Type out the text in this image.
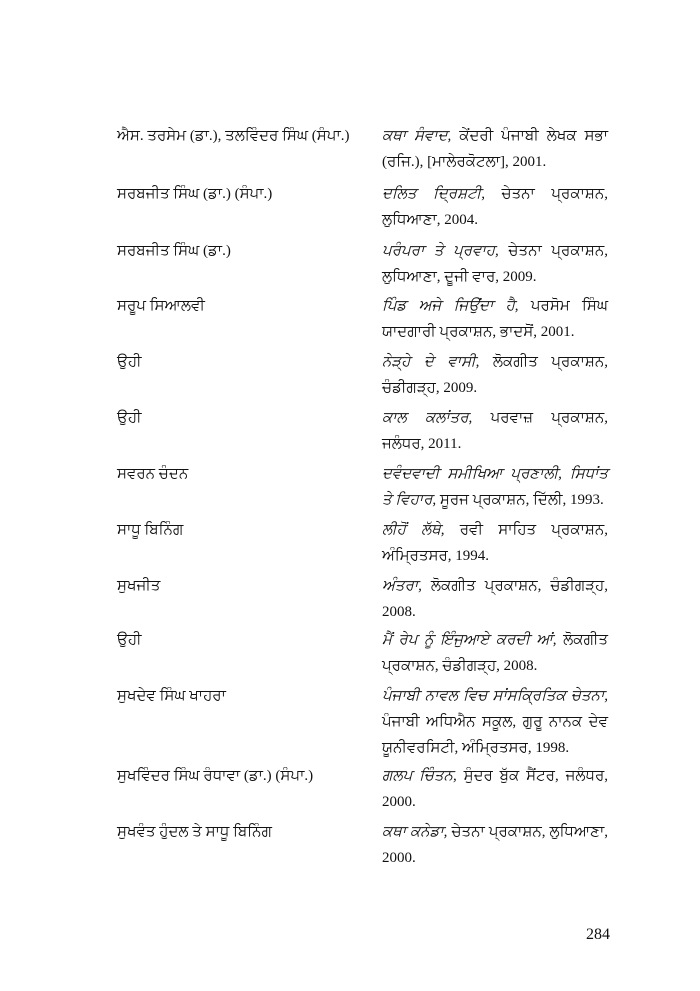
ਐਸ. ਤਰਸੇਮ (ਡਾ.), ਤਲਵਿੰਦਰ ਸਿੰਘ (ਸੰਪਾ.)	ਕਥਾ ਸੰਵਾਦ, ਕੇਂਦਰੀ ਪੰਜਾਬੀ ਲੇਖਕ ਸਭਾ (ਰਜਿ.), [ਮਾਲੇਰਕੋਟਲਾ], 2001.
ਸਰਬਜੀਤ ਸਿੰਘ (ਡਾ.) (ਸੰਪਾ.)	ਦਲਿਤ ਦ੍ਰਿਸ਼ਟੀ, ਚੇਤਨਾ ਪ੍ਰਕਾਸ਼ਨ, ਲੁਧਿਆਣਾ, 2004.
ਸਰਬਜੀਤ ਸਿੰਘ (ਡਾ.)	ਪਰੰਪਰਾ ਤੇ ਪ੍ਰਵਾਹ, ਚੇਤਨਾ ਪ੍ਰਕਾਸ਼ਨ, ਲੁਧਿਆਣਾ, ਦੂਜੀ ਵਾਰ, 2009.
ਸਰੂਪ ਸਿਆਲਵੀ	ਪਿੰਡ ਅਜੇ ਜਿਉਂਦਾ ਹੈ, ਪਰਸੋਮ ਸਿੰਘ ਯਾਦਗਾਰੀ ਪ੍ਰਕਾਸ਼ਨ, ਭਾਦਸੋਂ, 2001.
ਉਹੀ	ਨੇੜ੍ਹੇ ਦੇ ਵਾਸੀ, ਲੋਕਗੀਤ ਪ੍ਰਕਾਸ਼ਨ, ਚੰਡੀਗੜ੍ਹ, 2009.
ਉਹੀ	ਕਾਲ ਕਲਾਂਤਰ, ਪਰਵਾਜ਼ ਪ੍ਰਕਾਸ਼ਨ, ਜਲੰਧਰ, 2011.
ਸਵਰਨ ਚੰਦਨ	ਦਵੰਦਵਾਦੀ ਸਮੀਖਿਆ ਪ੍ਰਣਾਲੀ, ਸਿਧਾਂਤ ਤੇ ਵਿਹਾਰ, ਸੂਰਜ ਪ੍ਰਕਾਸ਼ਨ, ਦਿੱਲੀ, 1993.
ਸਾਧੂ ਬਿਨਿੰਗ	ਲੀਹੋਂ ਲੱਥੇ, ਰਵੀ ਸਾਹਿਤ ਪ੍ਰਕਾਸ਼ਨ, ਅੰਮ੍ਰਿਤਸਰ, 1994.
ਸੁਖਜੀਤ	ਅੰਤਰਾ, ਲੋਕਗੀਤ ਪ੍ਰਕਾਸ਼ਨ, ਚੰਡੀਗੜ੍ਹ, 2008.
ਉਹੀ	ਮੈਂ ਰੇਪ ਨੂੰ ਇੰਜੁਆਏ ਕਰਦੀ ਆਂ, ਲੋਕਗੀਤ ਪ੍ਰਕਾਸ਼ਨ, ਚੰਡੀਗੜ੍ਹ, 2008.
ਸੁਖਦੇਵ ਸਿੰਘ ਖਾਹਰਾ	ਪੰਜਾਬੀ ਨਾਵਲ ਵਿਚ ਸਾਂਸਕ੍ਰਿਤਿਕ ਚੇਤਨਾ, ਪੰਜਾਬੀ ਅਧਿਐਨ ਸਕੂਲ, ਗੁਰੂ ਨਾਨਕ ਦੇਵ ਯੂਨੀਵਰਸਿਟੀ, ਅੰਮ੍ਰਿਤਸਰ, 1998.
ਸੁਖਵਿੰਦਰ ਸਿੰਘ ਰੰਧਾਵਾ (ਡਾ.) (ਸੰਪਾ.)	ਗਲਪ ਚਿੰਤਨ, ਸੁੰਦਰ ਬੁੱਕ ਸੈਂਟਰ, ਜਲੰਧਰ, 2000.
ਸੁਖਵੰਤ ਹੁੰਦਲ ਤੇ ਸਾਧੂ ਬਿਨਿੰਗ	ਕਥਾ ਕਨੇਡਾ, ਚੇਤਨਾ ਪ੍ਰਕਾਸ਼ਨ, ਲੁਧਿਆਣਾ, 2000.
284
